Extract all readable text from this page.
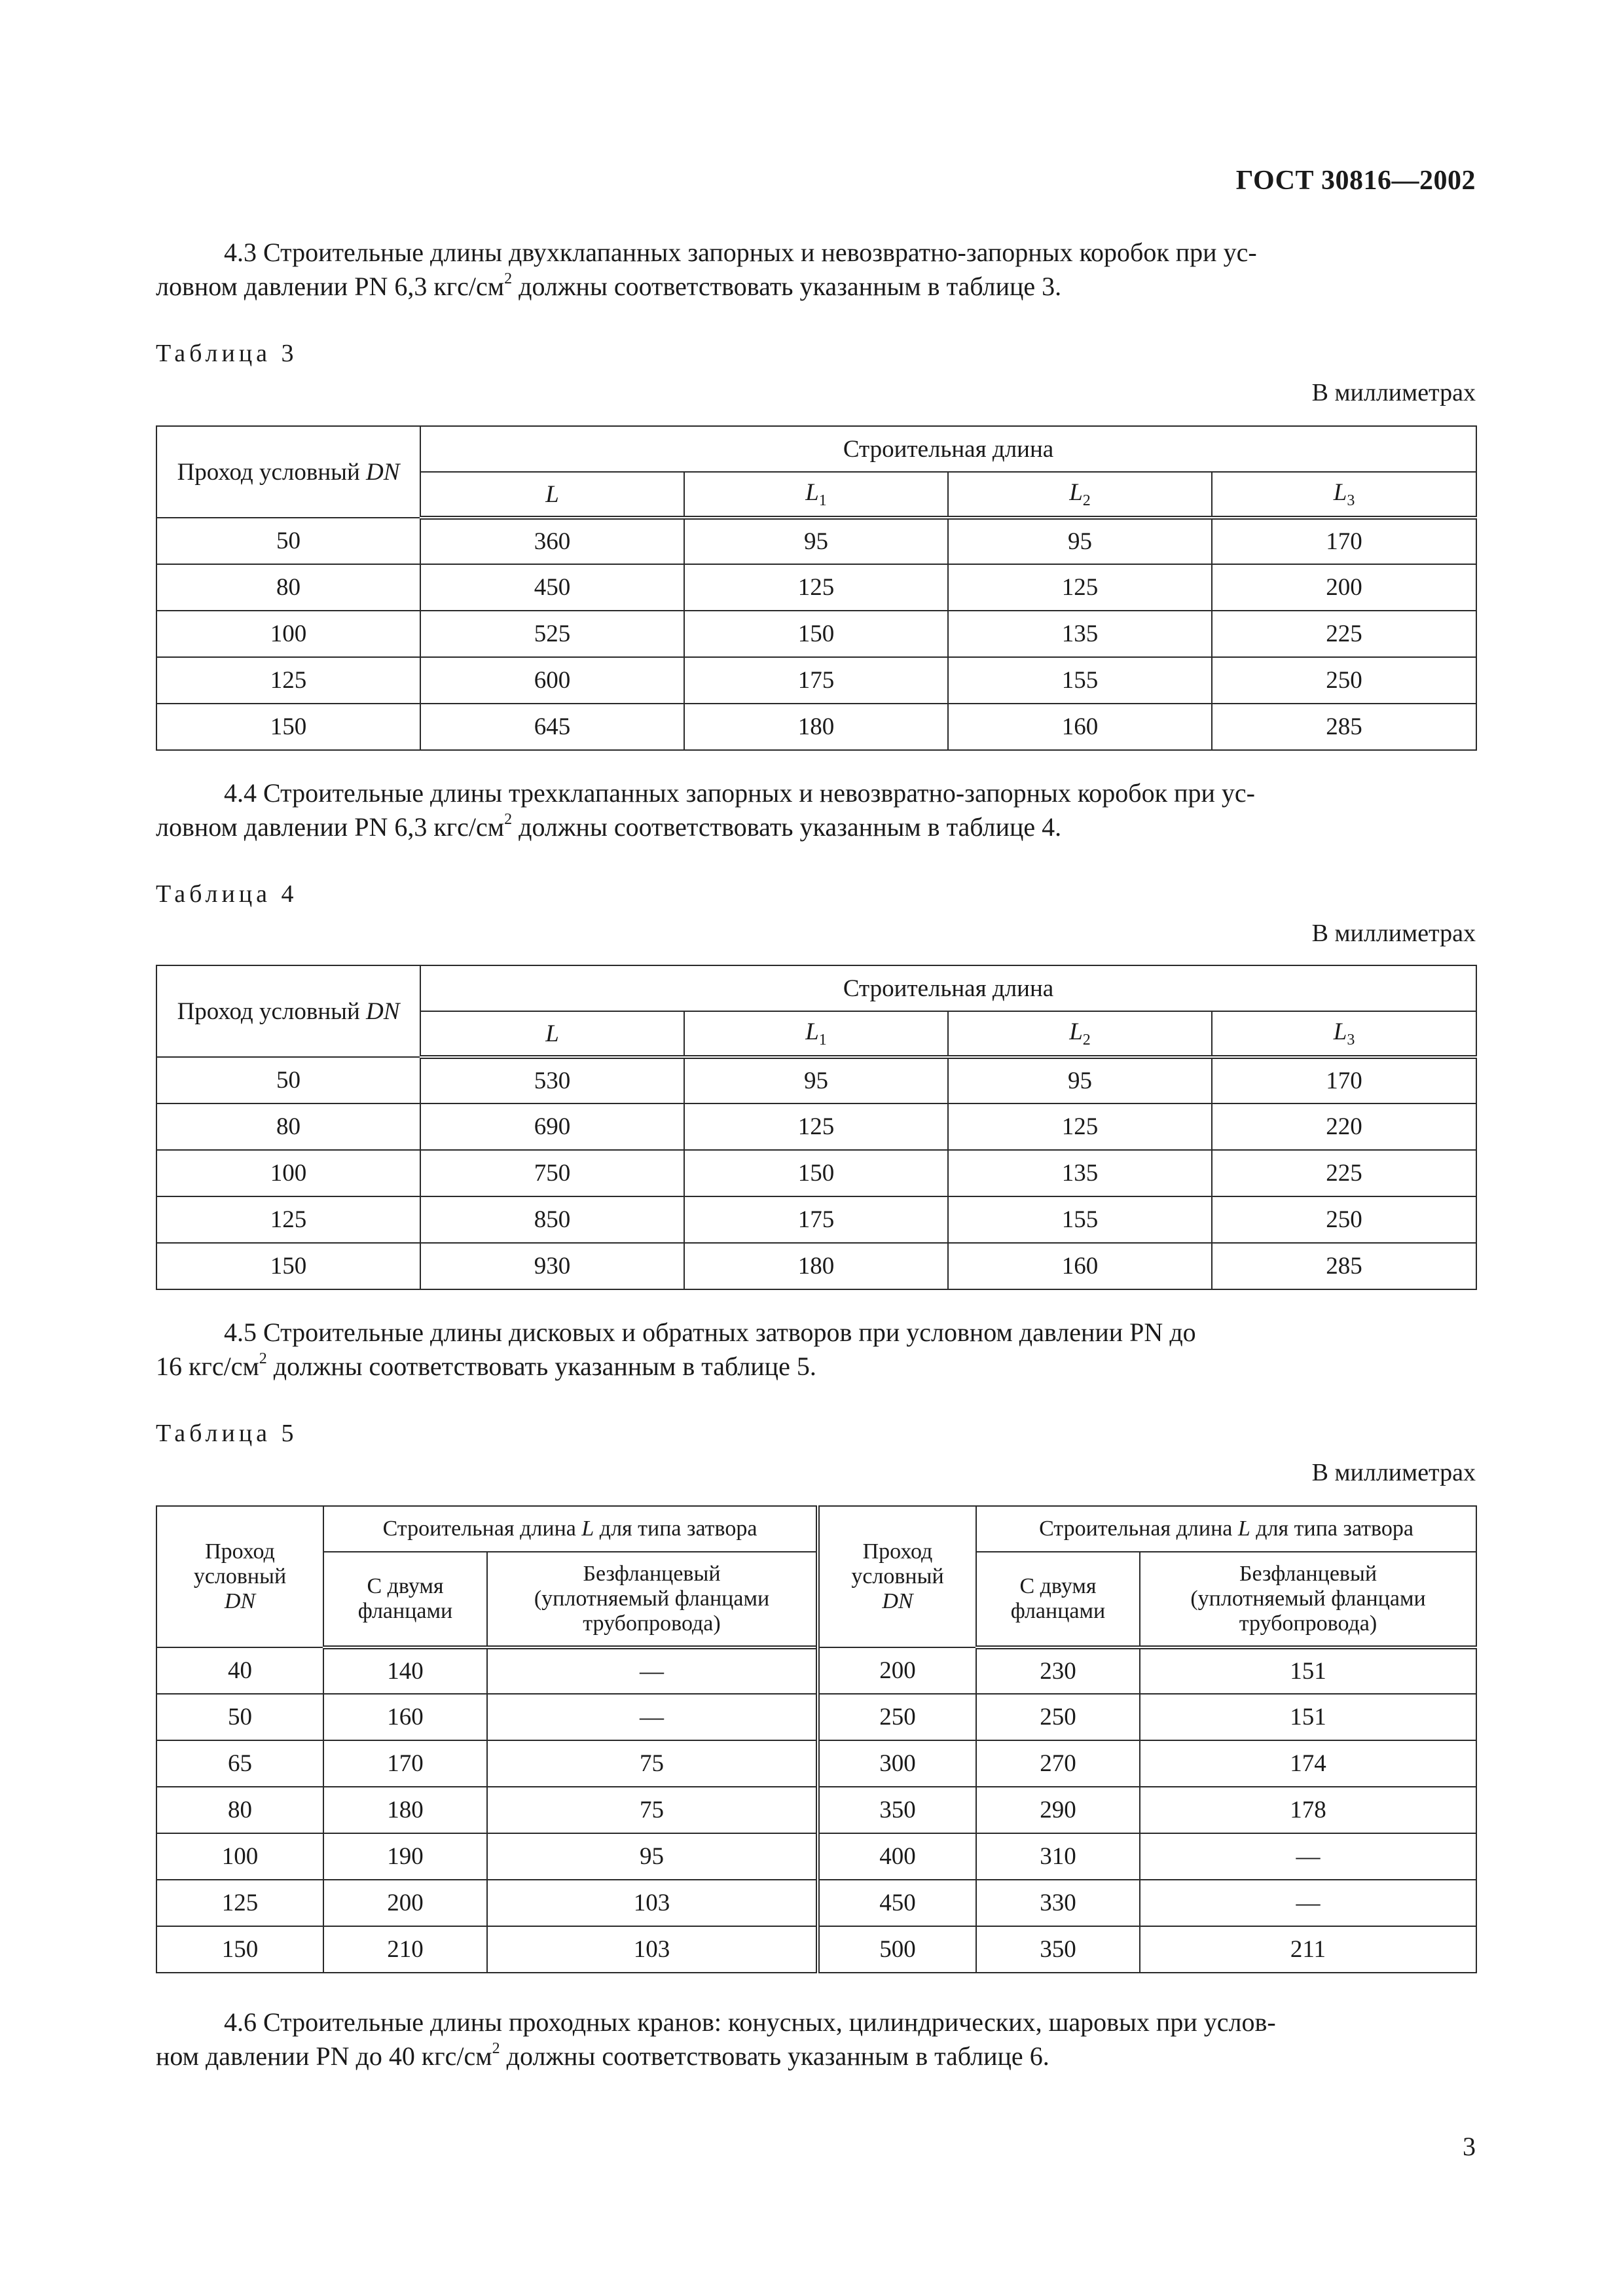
ГОСТ 30816—2002
4.3 Строительные длины двухклапанных запорных и невозвратно-запорных коробок при ус-
ловном давлении PN 6,3 кгс/$см^2$ должны соответствовать указанным в таблице 3.
Таблица 3
В миллиметрах
Проход условный DN	Строительная длина			
	L	$L_1$	$L_2$	$L_3$
50	360	95	95	170
80	450	125	125	200
100	525	150	135	225
125	600	175	155	250
150	645	180	160	285
4.4 Строительные длины трехклапанных запорных и невозвратно-запорных коробок при ус-
ловном давлении PN 6,3 кгс/$см^2$ должны соответствовать указанным в таблице 4.
Таблица 4
В миллиметрах
Проход условный DN	Строительная длина			
	L	$L_1$	$L_2$	$L_3$
50	530	95	95	170
80	690	125	125	220
100	750	150	135	225
125	850	175	155	250
150	930	180	160	285
4.5 Строительные длины дисковых и обратных затворов при условном давлении PN до
16 кгс/$см^2$ должны соответствовать указанным в таблице 5.
Таблица 5
В миллиметрах
Проход
условный
DN	Строительная длина L для типа затвора		Проход
условный
DN	Строительная длина L для типа затвора	
	С двумя
фланцами	Безфланцевый
(уплотняемый фланцами
трубопровода)		С двумя
фланцами	Безфланцевый
(уплотняемый фланцами
трубопровода)
40	140	—	200	230	151
50	160	—	250	250	151
65	170	75	300	270	174
80	180	75	350	290	178
100	190	95	400	310	—
125	200	103	450	330	—
150	210	103	500	350	211
4.6 Строительные длины проходных кранов: конусных, цилиндрических, шаровых при услов-
ном давлении PN до 40 кгс/$см^2$ должны соответствовать указанным в таблице 6.
3
